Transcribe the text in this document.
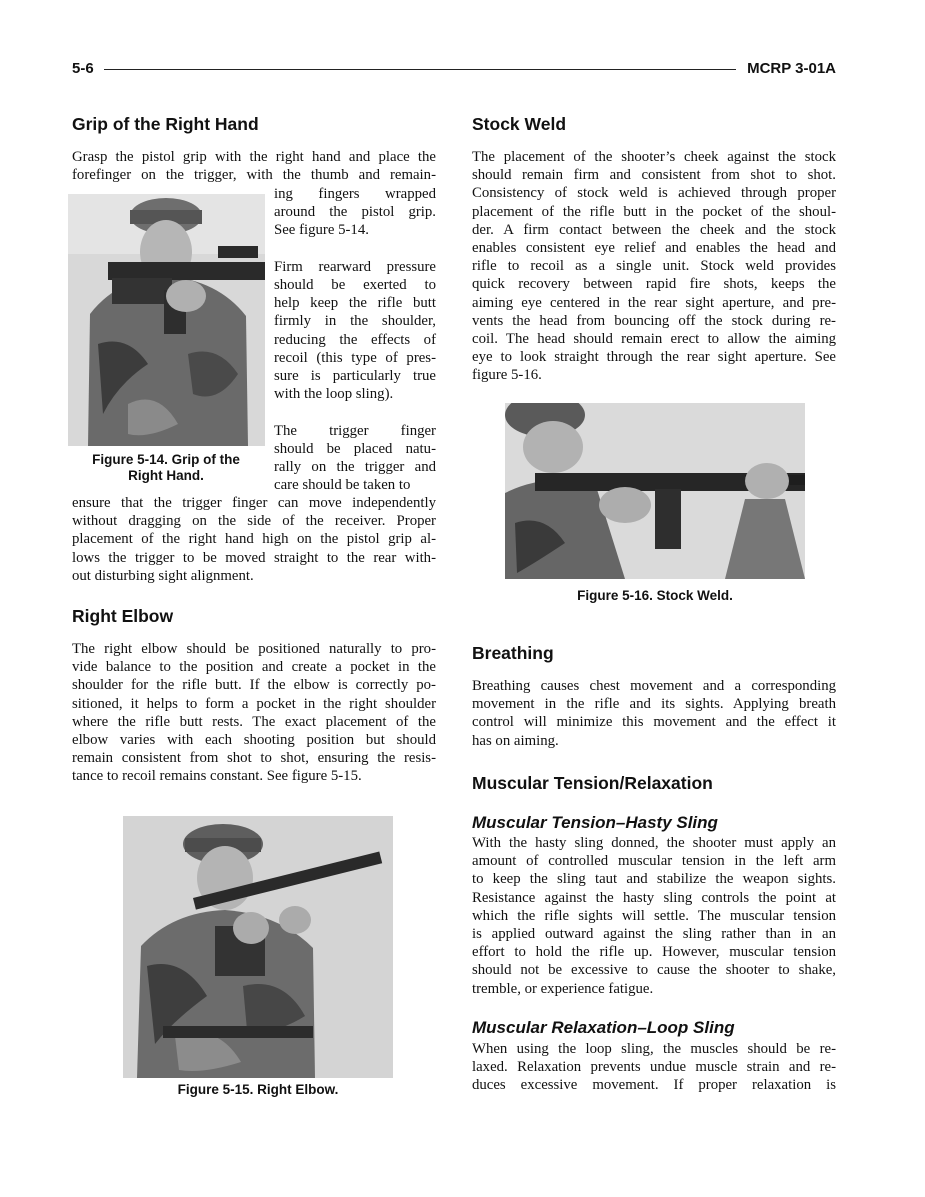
5-6	MCRP 3-01A
Grip of the Right Hand
Grasp the pistol grip with the right hand and place the
forefinger on the trigger, with the thumb and remain-
Figure 5-14. Grip of the
Right Hand.
ing fingers wrapped
around the pistol grip.
See figure 5-14.

Firm rearward pressure
should be exerted to
help keep the rifle butt
firmly in the shoulder,
reducing the effects of
recoil (this type of pres-
sure is particularly true
with the loop sling).

The trigger finger
should be placed natu-
rally on the trigger and
care should be taken to
ensure that the trigger finger can move independently
without dragging on the side of the receiver. Proper
placement of the right hand high on the pistol grip al-
lows the trigger to be moved straight to the rear with-
out disturbing sight alignment.
Right Elbow
The right elbow should be positioned naturally to pro-
vide balance to the position and create a pocket in the
shoulder for the rifle butt. If the elbow is correctly po-
sitioned, it helps to form a pocket in the right shoulder
where the rifle butt rests. The exact placement of the
elbow varies with each shooting position but should
remain consistent from shot to shot, ensuring the resis-
tance to recoil remains constant. See figure 5-15.
Figure 5-15. Right Elbow.
Stock Weld
The placement of the shooter’s cheek against the stock
should remain firm and consistent from shot to shot.
Consistency of stock weld is achieved through proper
placement of the rifle butt in the pocket of the shoul-
der. A firm contact between the cheek and the stock
enables consistent eye relief and enables the head and
rifle to recoil as a single unit. Stock weld provides
quick recovery between rapid fire shots, keeps the
aiming eye centered in the rear sight aperture, and pre-
vents the head from bouncing off the stock during re-
coil. The head should remain erect to allow the aiming
eye to look straight through the rear sight aperture. See
figure 5-16.
Figure 5-16. Stock Weld.
Breathing
Breathing causes chest movement and a corresponding
movement in the rifle and its sights. Applying breath
control will minimize this movement and the effect it
has on aiming.
Muscular Tension/Relaxation
Muscular Tension–Hasty Sling
With the hasty sling donned, the shooter must apply an
amount of controlled muscular tension in the left arm
to keep the sling taut and stabilize the weapon sights.
Resistance against the hasty sling controls the point at
which the rifle sights will settle. The muscular tension
is applied outward against the sling rather than in an
effort to hold the rifle up. However, muscular tension
should not be excessive to cause the shooter to shake,
tremble, or experience fatigue.
Muscular Relaxation–Loop Sling
When using the loop sling, the muscles should be re-
laxed. Relaxation prevents undue muscle strain and re-
duces excessive movement. If proper relaxation is
